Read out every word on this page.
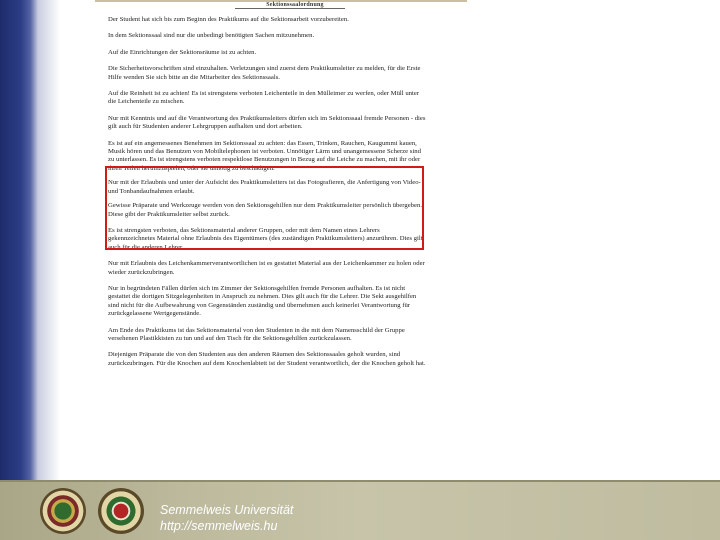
Sektionssaalordnung

Der Student hat sich bis zum Beginn des Praktikums auf die Sektionsarbeit vorzubereiten.

In dem Sektionssaal sind nur die unbedingt benötigten Sachen mitzunehmen.

Auf die Einrichtungen der Sektionsräume ist zu achten.

Die Sicherheitsvorschriften sind einzuhalten. Verletzungen sind zuerst dem Praktikumsleiter zu melden, für die Erste Hilfe wenden Sie sich bitte an die Mitarbeiter des Sektionssaals.

Auf die Reinheit ist zu achten! Es ist strengstens verboten Leichenteile in den Mülleimer zu werfen, oder Müll unter die Leichenteile zu mischen.

Nur mit Kenntnis und auf die Verantwortung des Praktikumsleiters dürfen sich im Sektionssaal fremde Personen - dies gilt auch für Studenten anderer Lehrgruppen aufhalten und dort arbeiten.

Es ist auf ein angemessenes Benehmen im Sektionssaal zu achten: das Essen, Trinken, Rauchen, Kaugummi kauen, Musik hören und das Benutzen von Mobiltelephonen ist verboten. Unnötiger Lärm und unangemessene Scherze sind zu unterlassen. Es ist strengstens verboten respektlose Benutzungen in Bezug auf die Leiche zu machen, mit ihr oder ihren Teilen herumzuspielen, oder sie unnötig zu beschädigen.

Nur mit der Erlaubnis und unter der Aufsicht des Praktikumsleiters ist das Fotografieren, die Anfertigung von Video- und Tonbandaufnahmen erlaubt.

Gewisse Präparate und Werkzeuge werden von den Sektionsgehilfen nur dem Praktikumsleiter persönlich übergeben. Diese gibt der Praktikumsleiter selbst zurück.

Es ist strengsten verboten, das Sektionsmaterial anderer Gruppen, oder mit dem Namen eines Lehrers gekennzeichnetes Material ohne Erlaubnis des Eigentümers (des zuständigen Praktikumsleiters) anzurühren. Dies gilt auch für die anderen Lehrer.

Nur mit Erlaubnis des Leichenkammerverantwortlichen ist es gestattet Material aus der Leichenkammer zu holen oder wieder zurückzubringen.

Nur in begründeten Fällen dürfen sich im Zimmer der Sektionsgehilfen fremde Personen aufhalten. Es ist nicht gestattet die dortigen Sitzgelegenheiten in Anspruch zu nehmen. Dies gilt auch für die Lehrer. Die Sekt ausgehilfen sind nicht für die Aufbewahrung von Gegenständen zuständig und übernehmen auch keinerlei Verantwortung für zurückgelassene Wertgegenstände.

Am Ende des Praktikums ist das Sektionsmaterial von den Studenten in die mit dem Namensschild der Gruppe versehenen Plastikkisten zu tun und auf den Tisch für die Sektionsgehilfen zurückzulassen.

Diejenigen Präparate die von den Studenten aus den anderen Räumen des Sektionssaales geholt wurden, sind zurückzubringen. Für die Knochen auf dem Knochenlabtett ist der Student verantwortlich, der die Knochen geholt hat.

Semmelweis Universität
http://semmelweis.hu
